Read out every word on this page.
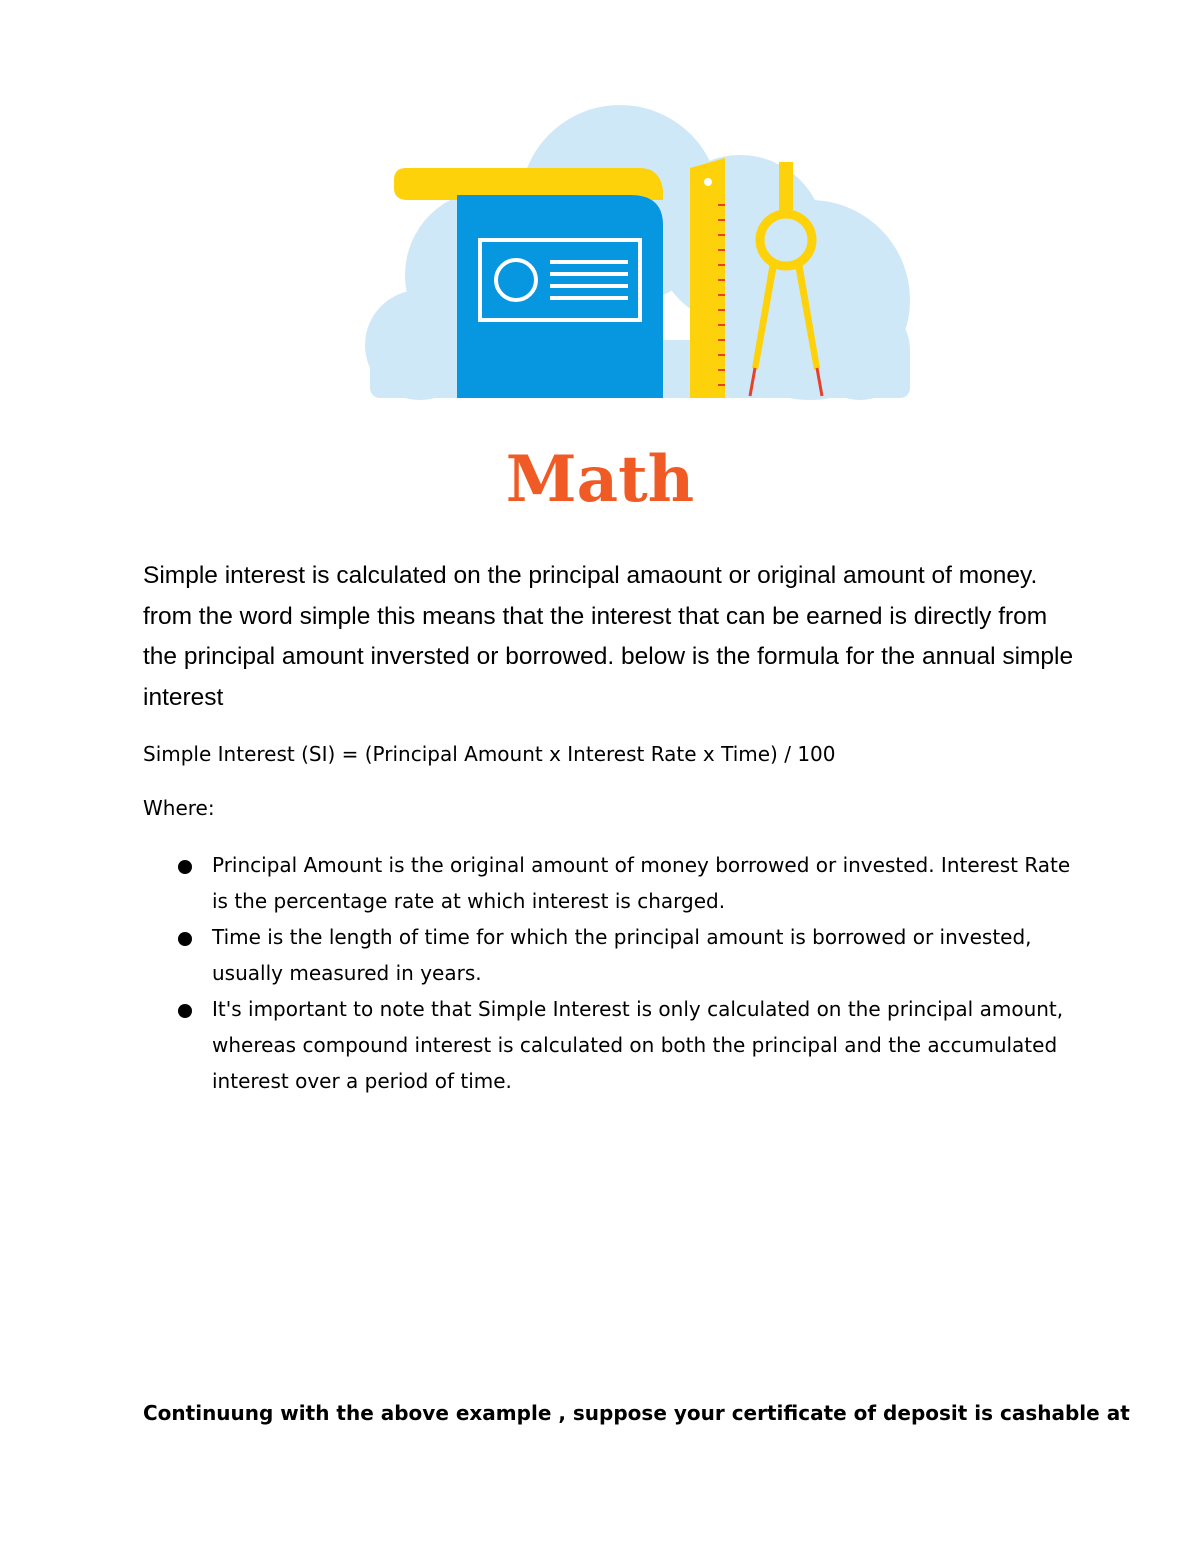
Math

Simple interest is calculated on the principal amaount or original amount of money. from the word simple this means that the interest that can be earned is directly from the principal amount inversted or borrowed. below is the formula for the annual simple interest

Simple Interest (SI) = (Principal Amount x Interest Rate x Time) / 100

Where:

Principal Amount is the original amount of money borrowed or invested. Interest Rate is the percentage rate at which interest is charged.
Time is the length of time for which the principal amount is borrowed or invested, usually measured in years.
It's important to note that Simple Interest is only calculated on the principal amount, whereas compound interest is calculated on both the principal and the accumulated interest over a period of time.

Continuung with the above example , suppose your certificate of deposit is cashable at
